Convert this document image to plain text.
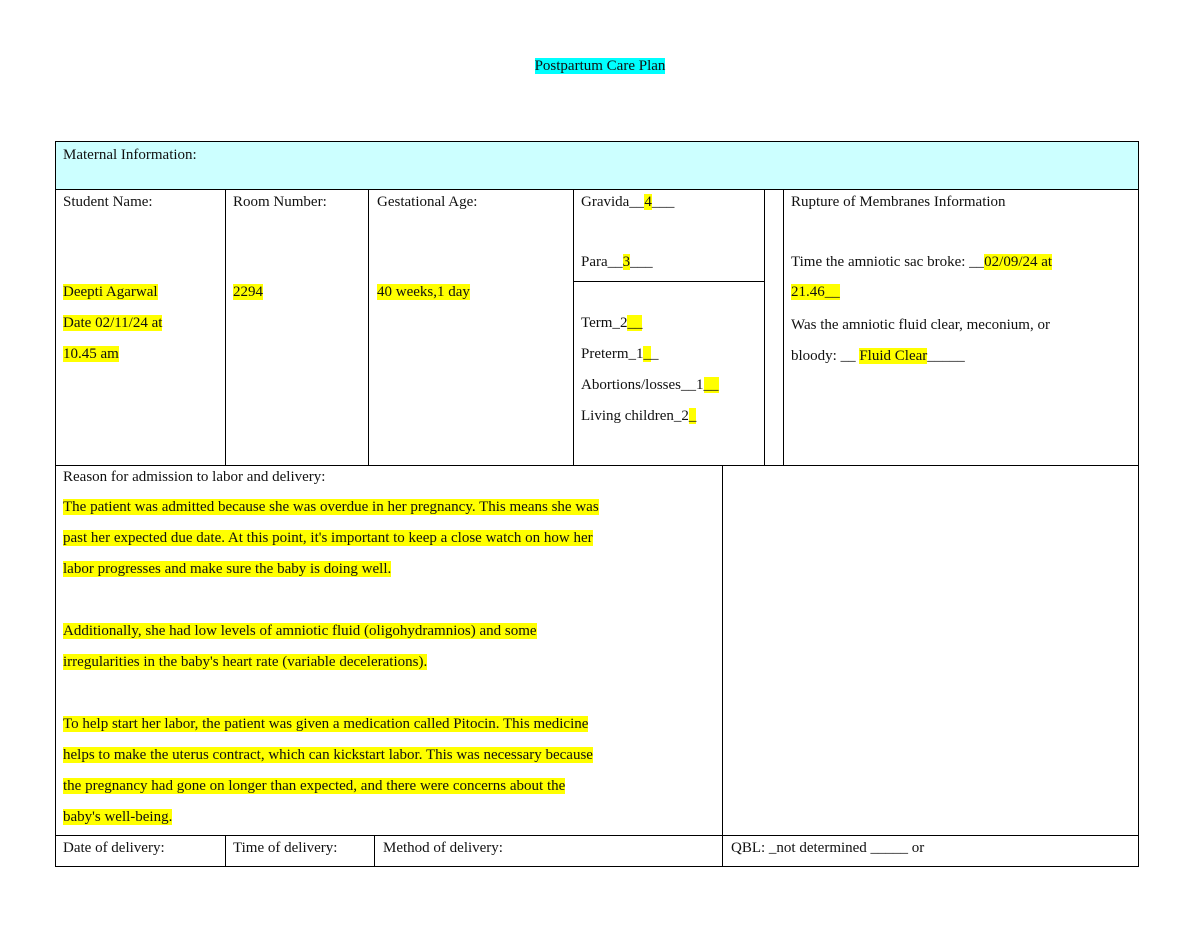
Postpartum Care Plan
Maternal Information:
Student Name:
Deepti Agarwal
Date 02/11/24 at
10.45 am
Room Number:
2294
Gestational Age:
40 weeks,1 day
Gravida__4___
Para__3___
Term_2__
Preterm_1__
Abortions/losses__1__
Living children_2_
Rupture of Membranes Information
Time the amniotic sac broke: __02/09/24 at
21.46__
Was the amniotic fluid clear, meconium, or
bloody: __ Fluid Clear_____
Reason for admission to labor and delivery:
The patient was admitted because she was overdue in her pregnancy. This means she was
past her expected due date. At this point, it's important to keep a close watch on how her
labor progresses and make sure the baby is doing well.
Additionally, she had low levels of amniotic fluid (oligohydramnios) and some
irregularities in the baby's heart rate (variable decelerations).
To help start her labor, the patient was given a medication called Pitocin. This medicine
helps to make the uterus contract, which can kickstart labor. This was necessary because
the pregnancy had gone on longer than expected, and there were concerns about the
baby's well-being.
Date of delivery:	Time of delivery:	Method of delivery:	QBL: _not determined _____ or
